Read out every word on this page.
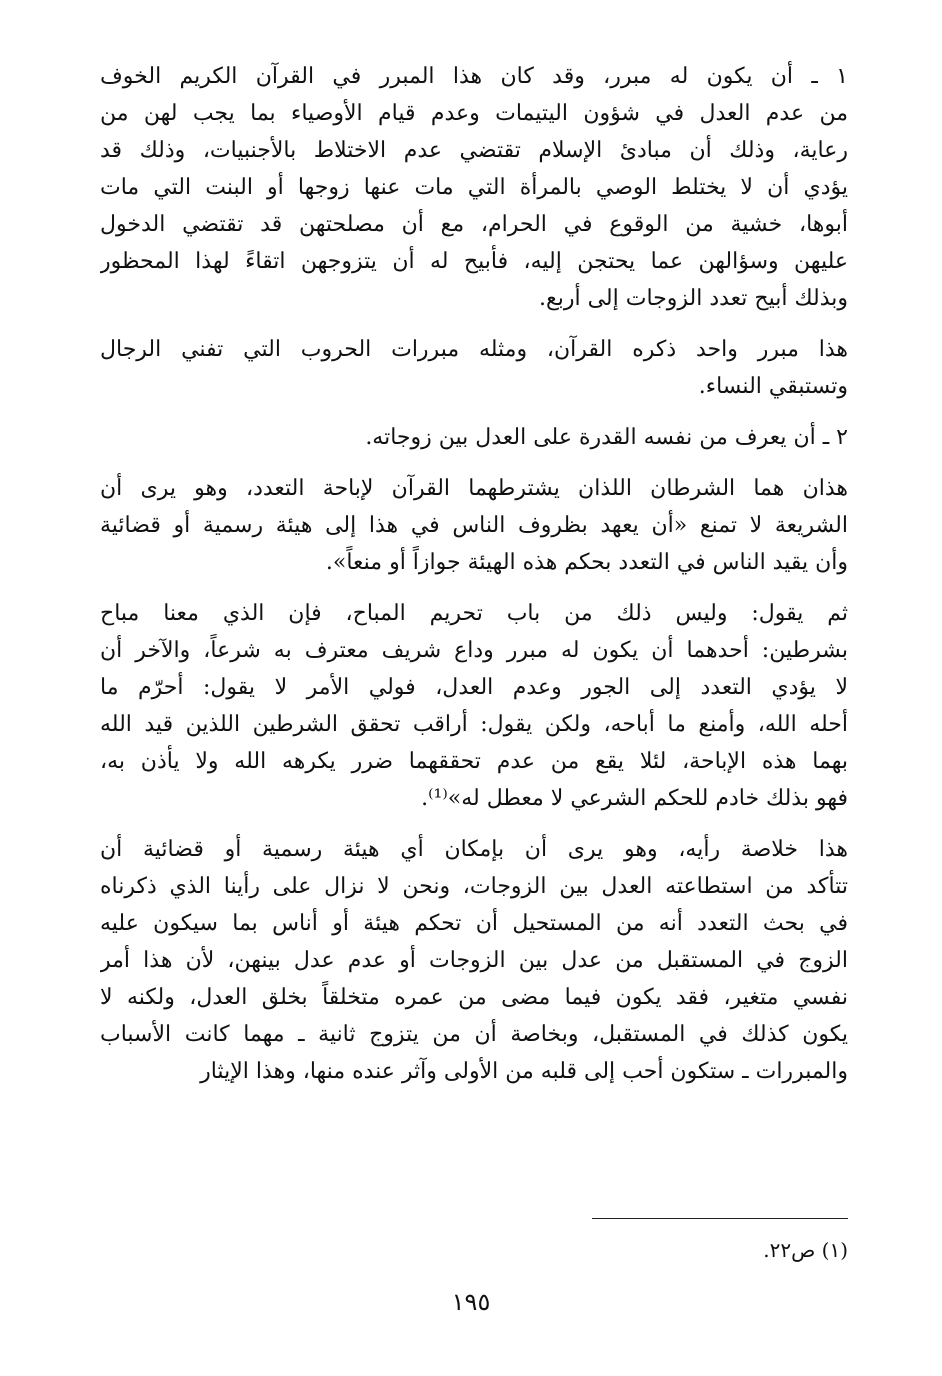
١ ـ أن يكون له مبرر، وقد كان هذا المبرر في القرآن الكريم الخوف
من عدم العدل في شؤون اليتيمات وعدم قيام الأوصياء بما يجب لهن من
رعاية، وذلك أن مبادئ الإسلام تقتضي عدم الاختلاط بالأجنبيات، وذلك قد
يؤدي أن لا يختلط الوصي بالمرأة التي مات عنها زوجها أو البنت التي مات
أبوها، خشية من الوقوع في الحرام، مع أن مصلحتهن قد تقتضي الدخول
عليهن وسؤالهن عما يحتجن إليه، فأبيح له أن يتزوجهن اتقاءً لهذا المحظور
وبذلك أبيح تعدد الزوجات إلى أربع.
هذا مبرر واحد ذكره القرآن، ومثله مبررات الحروب التي تفني الرجال
وتستبقي النساء.
٢ ـ أن يعرف من نفسه القدرة على العدل بين زوجاته.
هذان هما الشرطان اللذان يشترطهما القرآن لإباحة التعدد، وهو يرى أن
الشريعة لا تمنع «أن يعهد بظروف الناس في هذا إلى هيئة رسمية أو قضائية
وأن يقيد الناس في التعدد بحكم هذه الهيئة جوازاً أو منعاً».
ثم يقول: وليس ذلك من باب تحريم المباح، فإن الذي معنا مباح
بشرطين: أحدهما أن يكون له مبرر وداع شريف معترف به شرعاً، والآخر أن
لا يؤدي التعدد إلى الجور وعدم العدل، فولي الأمر لا يقول: أحرّم ما
أحله الله، وأمنع ما أباحه، ولكن يقول: أراقب تحقق الشرطين اللذين قيد الله
بهما هذه الإباحة، لئلا يقع من عدم تحققهما ضرر يكرهه الله ولا يأذن به،
فهو بذلك خادم للحكم الشرعي لا معطل له»⁽¹⁾.
هذا خلاصة رأيه، وهو يرى أن بإمكان أي هيئة رسمية أو قضائية أن
تتأكد من استطاعته العدل بين الزوجات، ونحن لا نزال على رأينا الذي ذكرناه
في بحث التعدد أنه من المستحيل أن تحكم هيئة أو أناس بما سيكون عليه
الزوج في المستقبل من عدل بين الزوجات أو عدم عدل بينهن، لأن هذا أمر
نفسي متغير، فقد يكون فيما مضى من عمره متخلقاً بخلق العدل، ولكنه لا
يكون كذلك في المستقبل، وبخاصة أن من يتزوج ثانية ـ مهما كانت الأسباب
والمبررات ـ ستكون أحب إلى قلبه من الأولى وآثر عنده منها، وهذا الإيثار
(١) ص٢٢.
١٩٥
